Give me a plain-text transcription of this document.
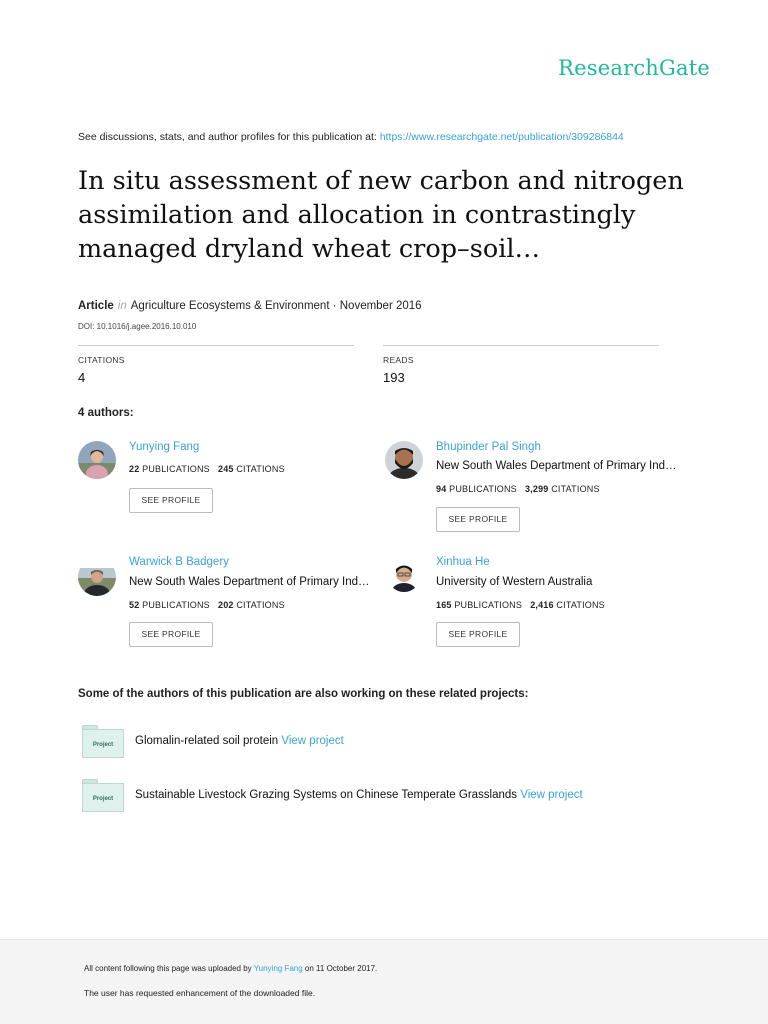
ResearchGate
See discussions, stats, and author profiles for this publication at: https://www.researchgate.net/publication/309286844
In situ assessment of new carbon and nitrogen assimilation and allocation in contrastingly managed dryland wheat crop–soil…
Article in Agriculture Ecosystems & Environment · November 2016
DOI: 10.1016/j.agee.2016.10.010
CITATIONS
4
READS
193
4 authors:
Yunying Fang
22 PUBLICATIONS 245 CITATIONS
SEE PROFILE
Bhupinder Pal Singh
New South Wales Department of Primary Ind…
94 PUBLICATIONS 3,299 CITATIONS
SEE PROFILE
Warwick B Badgery
New South Wales Department of Primary Ind…
52 PUBLICATIONS 202 CITATIONS
SEE PROFILE
Xinhua He
University of Western Australia
165 PUBLICATIONS 2,416 CITATIONS
SEE PROFILE
Some of the authors of this publication are also working on these related projects:
Project	Glomalin-related soil protein View project
Project	Sustainable Livestock Grazing Systems on Chinese Temperate Grasslands View project
All content following this page was uploaded by Yunying Fang on 11 October 2017.
The user has requested enhancement of the downloaded file.
